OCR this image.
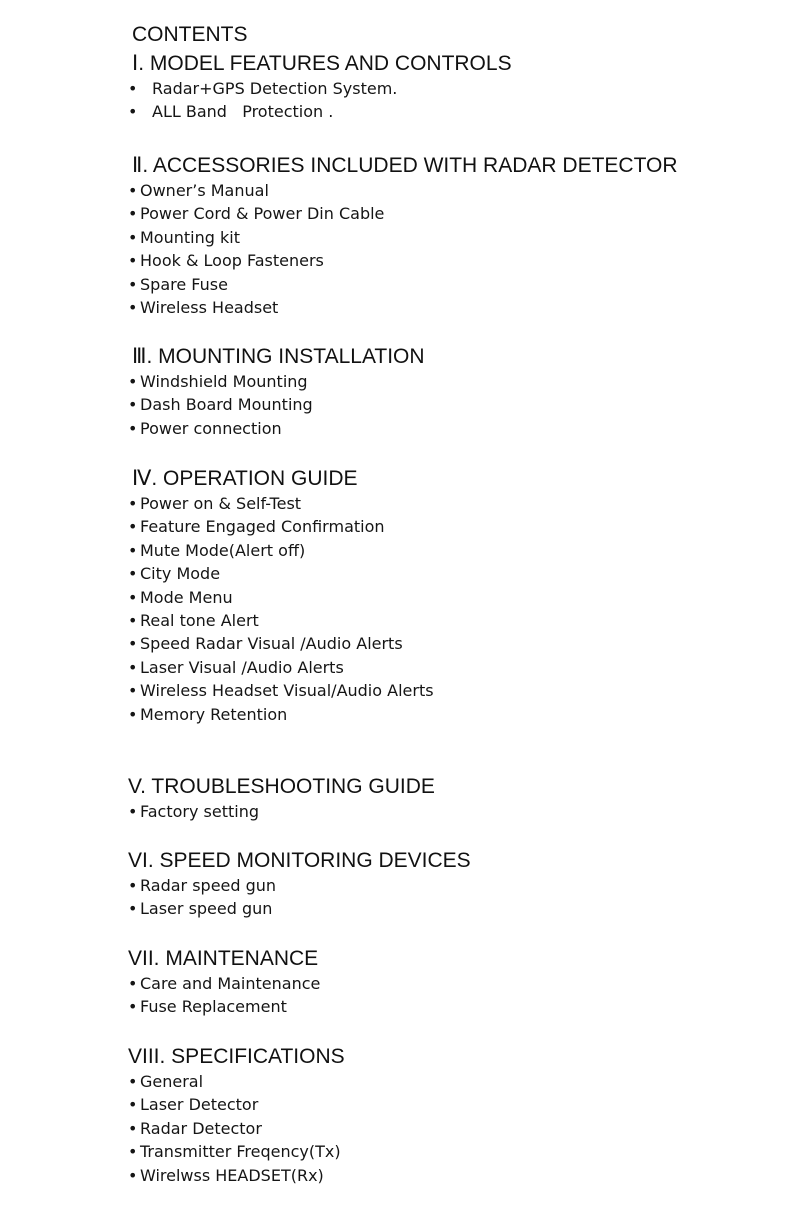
CONTENTS
Ⅰ. MODEL FEATURES AND CONTROLS
• Radar+GPS Detection System.
• ALL Band   Protection .
Ⅱ. ACCESSORIES INCLUDED WITH RADAR DETECTOR
• Owner’s Manual
• Power Cord & Power Din Cable
• Mounting kit
• Hook & Loop Fasteners
• Spare Fuse
• Wireless Headset
Ⅲ. MOUNTING INSTALLATION
• Windshield Mounting
• Dash Board Mounting
• Power connection
Ⅳ. OPERATION GUIDE
• Power on & Self-Test
• Feature Engaged Confirmation
• Mute Mode(Alert off)
• City Mode
• Mode Menu
• Real tone Alert
• Speed Radar Visual /Audio Alerts
• Laser Visual /Audio Alerts
• Wireless Headset Visual/Audio Alerts
• Memory Retention
V. TROUBLESHOOTING GUIDE
• Factory setting
VI. SPEED MONITORING DEVICES
• Radar speed gun
• Laser speed gun
VII. MAINTENANCE
• Care and Maintenance
• Fuse Replacement
VIII. SPECIFICATIONS
• General
• Laser Detector
• Radar Detector
• Transmitter Freqency(Tx)
• Wirelwss HEADSET(Rx)
